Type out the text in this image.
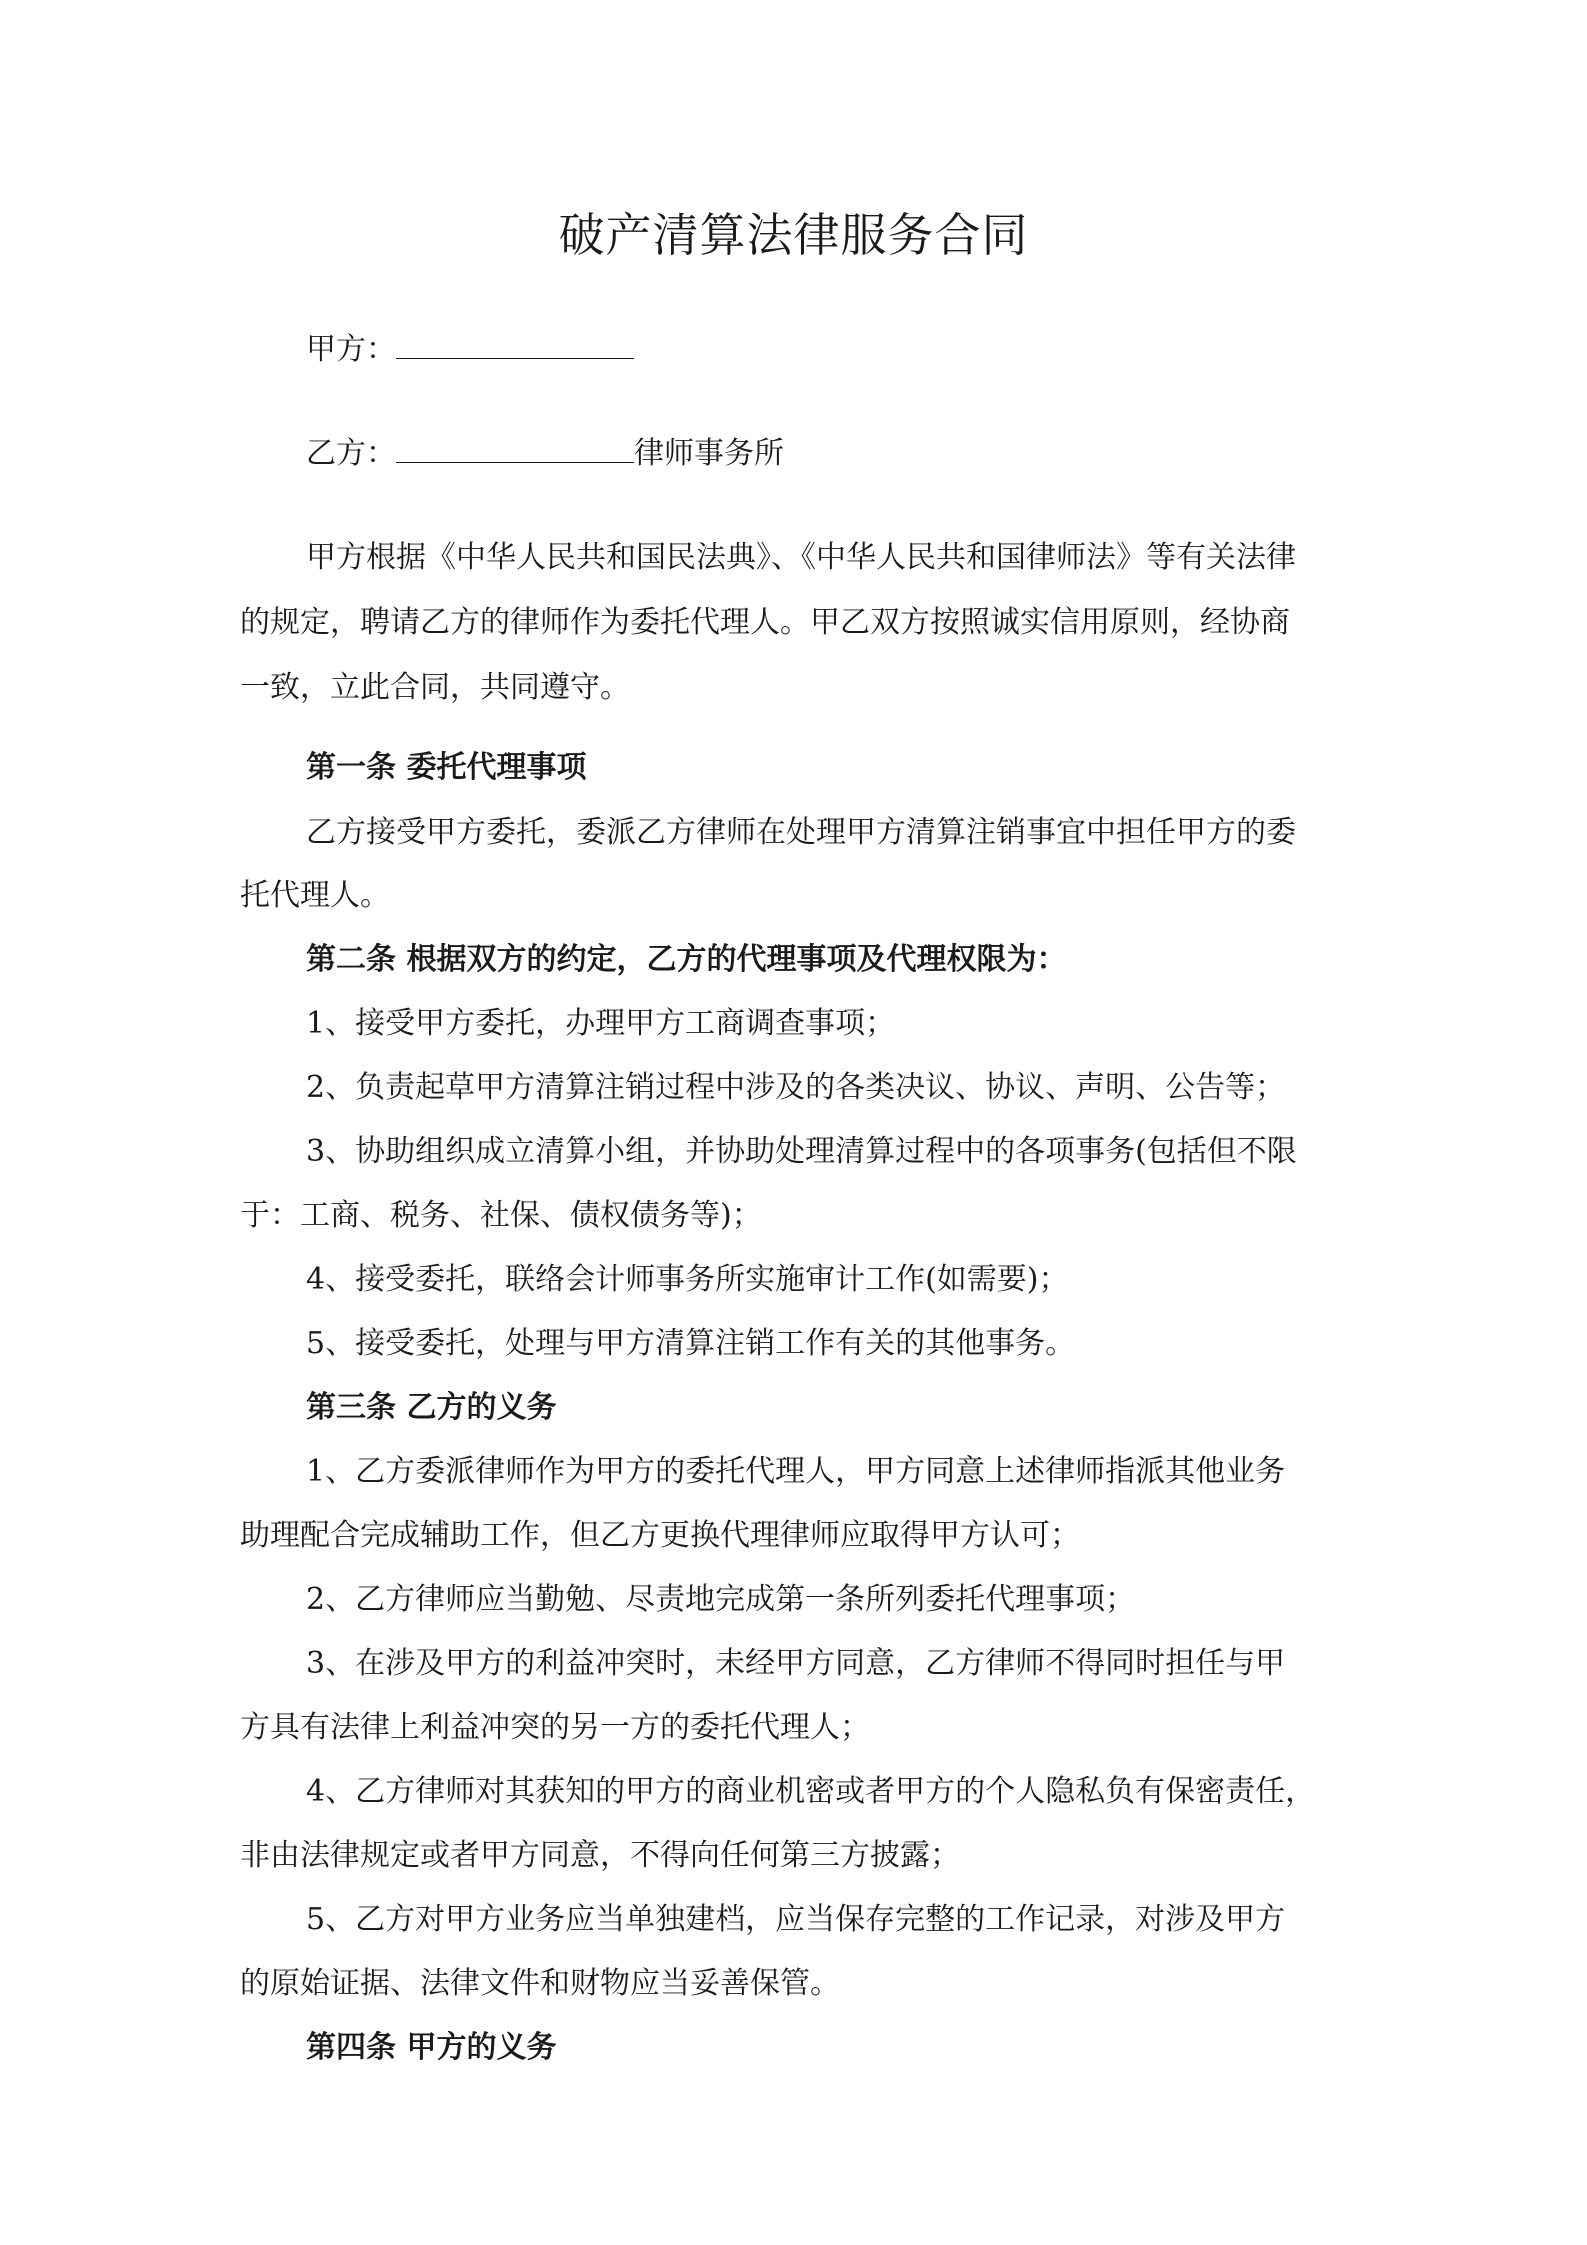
破产清算法律服务合同
甲方：
乙方：	律师事务所
甲方根据《中华人民共和国民法典》、《中华人民共和国律师法》等有关法律
的规定，聘请乙方的律师作为委托代理人。甲乙双方按照诚实信用原则，经协商
一致，立此合同，共同遵守。
第一条 委托代理事项
乙方接受甲方委托，委派乙方律师在处理甲方清算注销事宜中担任甲方的委
托代理人。
第二条 根据双方的约定，乙方的代理事项及代理权限为：
1、接受甲方委托，办理甲方工商调查事项；
2、负责起草甲方清算注销过程中涉及的各类决议、协议、声明、公告等；
3、协助组织成立清算小组，并协助处理清算过程中的各项事务(包括但不限
于：工商、税务、社保、债权债务等)；
4、接受委托，联络会计师事务所实施审计工作(如需要)；
5、接受委托，处理与甲方清算注销工作有关的其他事务。
第三条 乙方的义务
1、乙方委派律师作为甲方的委托代理人，甲方同意上述律师指派其他业务
助理配合完成辅助工作，但乙方更换代理律师应取得甲方认可；
2、乙方律师应当勤勉、尽责地完成第一条所列委托代理事项；
3、在涉及甲方的利益冲突时，未经甲方同意，乙方律师不得同时担任与甲
方具有法律上利益冲突的另一方的委托代理人；
4、乙方律师对其获知的甲方的商业机密或者甲方的个人隐私负有保密责任，
非由法律规定或者甲方同意，不得向任何第三方披露；
5、乙方对甲方业务应当单独建档，应当保存完整的工作记录，对涉及甲方
的原始证据、法律文件和财物应当妥善保管。
第四条 甲方的义务
